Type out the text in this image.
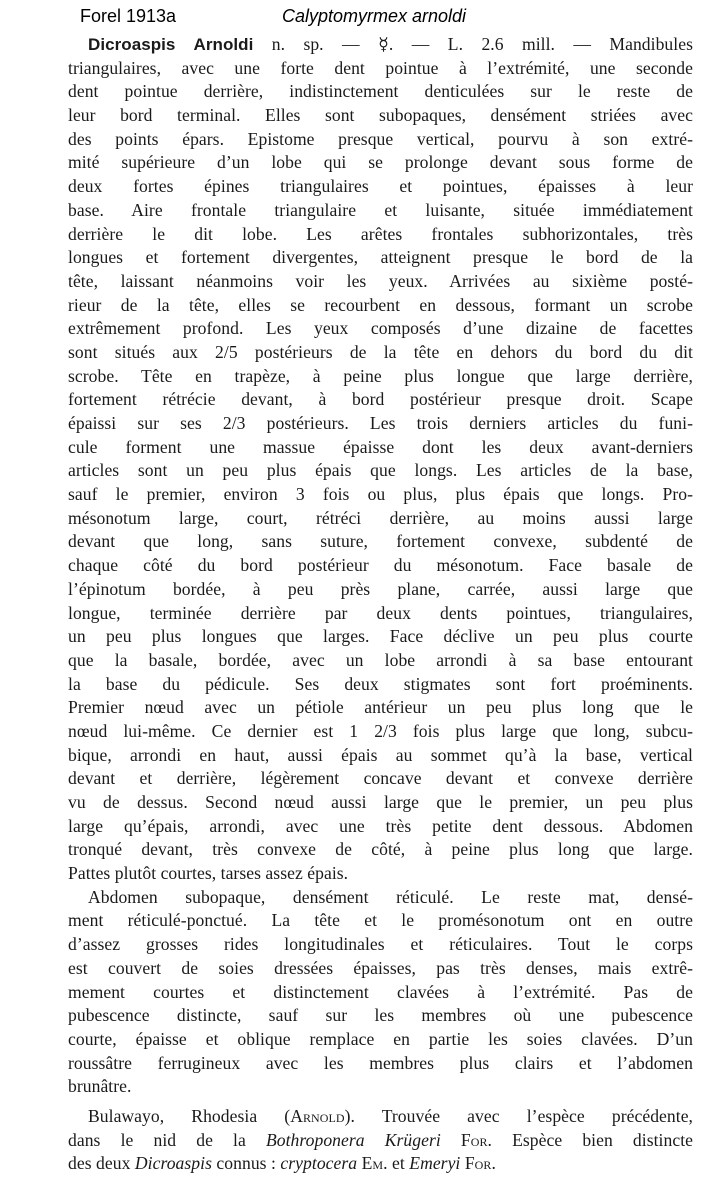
Forel 1913a	Calyptomyrmex arnoldi
Dicroaspis Arnoldi n. sp. — ☿. — L. 2.6 mill. — Mandibules
triangulaires, avec une forte dent pointue à l’extrémité, une seconde
dent pointue derrière, indistinctement denticulées sur le reste de
leur bord terminal. Elles sont subopaques, densément striées avec
des points épars. Epistome presque vertical, pourvu à son extré-
mité supérieure d’un lobe qui se prolonge devant sous forme de
deux fortes épines triangulaires et pointues, épaisses à leur
base. Aire frontale triangulaire et luisante, située immédiatement
derrière le dit lobe. Les arêtes frontales subhorizontales, très
longues et fortement divergentes, atteignent presque le bord de la
tête, laissant néanmoins voir les yeux. Arrivées au sixième posté-
rieur de la tête, elles se recourbent en dessous, formant un scrobe
extrêmement profond. Les yeux composés d’une dizaine de facettes
sont situés aux 2/5 postérieurs de la tête en dehors du bord du dit
scrobe. Tête en trapèze, à peine plus longue que large derrière,
fortement rétrécie devant, à bord postérieur presque droit. Scape
épaissi sur ses 2/3 postérieurs. Les trois derniers articles du funi-
cule forment une massue épaisse dont les deux avant-derniers
articles sont un peu plus épais que longs. Les articles de la base,
sauf le premier, environ 3 fois ou plus, plus épais que longs. Pro-
mésonotum large, court, rétréci derrière, au moins aussi large
devant que long, sans suture, fortement convexe, subdenté de
chaque côté du bord postérieur du mésonotum. Face basale de
l’épinotum bordée, à peu près plane, carrée, aussi large que
longue, terminée derrière par deux dents pointues, triangulaires,
un peu plus longues que larges. Face déclive un peu plus courte
que la basale, bordée, avec un lobe arrondi à sa base entourant
la base du pédicule. Ses deux stigmates sont fort proéminents.
Premier nœud avec un pétiole antérieur un peu plus long que le
nœud lui-même. Ce dernier est 1 2/3 fois plus large que long, subcu-
bique, arrondi en haut, aussi épais au sommet qu’à la base, vertical
devant et derrière, légèrement concave devant et convexe derrière
vu de dessus. Second nœud aussi large que le premier, un peu plus
large qu’épais, arrondi, avec une très petite dent dessous. Abdomen
tronqué devant, très convexe de côté, à peine plus long que large.
Pattes plutôt courtes, tarses assez épais.
Abdomen subopaque, densément réticulé. Le reste mat, densé-
ment réticulé-ponctué. La tête et le promésonotum ont en outre
d’assez grosses rides longitudinales et réticulaires. Tout le corps
est couvert de soies dressées épaisses, pas très denses, mais extrê-
mement courtes et distinctement clavées à l’extrémité. Pas de
pubescence distincte, sauf sur les membres où une pubescence
courte, épaisse et oblique remplace en partie les soies clavées. D’un
roussâtre ferrugineux avec les membres plus clairs et l’abdomen
brunâtre.
Bulawayo, Rhodesia (Arnold). Trouvée avec l’espèce précédente,
dans le nid de la Bothroponera Krügeri For. Espèce bien distincte
des deux Dicroaspis connus : cryptocera Em. et Emeryi For.
